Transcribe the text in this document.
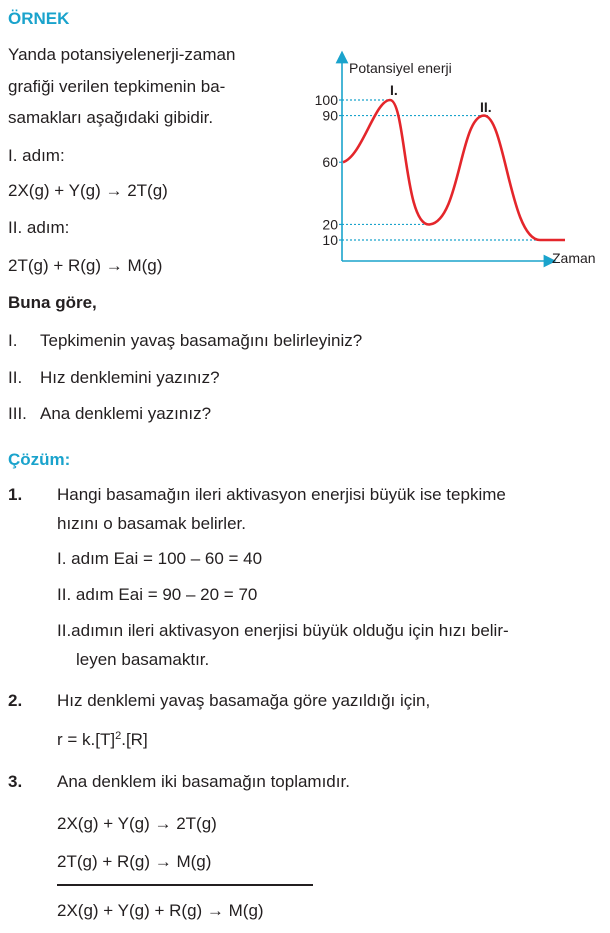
ÖRNEK
Yanda potansiyelenerji-zaman
grafiği verilen tepkimenin ba-
samakları aşağıdaki gibidir.
I. adım:
2X(g) + Y(g) → 2T(g)
II. adım:
2T(g) + R(g) → M(g)
100
90
60
20
10
Potansiyel enerji
Zaman
I.
II.
Buna göre,
I. Tepkimenin yavaş basamağını belirleyiniz?
II. Hız denklemini yazınız?
III. Ana denklemi yazınız?
Çözüm:
1. Hangi basamağın ileri aktivasyon enerjisi büyük ise tepkime
hızını o basamak belirler.
I. adım Eai = 100 – 60 = 40
II. adım Eai = 90 – 20 = 70
II.adımın ileri aktivasyon enerjisi büyük olduğu için hızı belir-
leyen basamaktır.
2. Hız denklemi yavaş basamağa göre yazıldığı için,
$r = k.[T]^2.[R]$
3. Ana denklem iki basamağın toplamıdır.
2X(g) + Y(g) → 2T(g)
2T(g) + R(g) → M(g)
2X(g) + Y(g) + R(g) → M(g)
